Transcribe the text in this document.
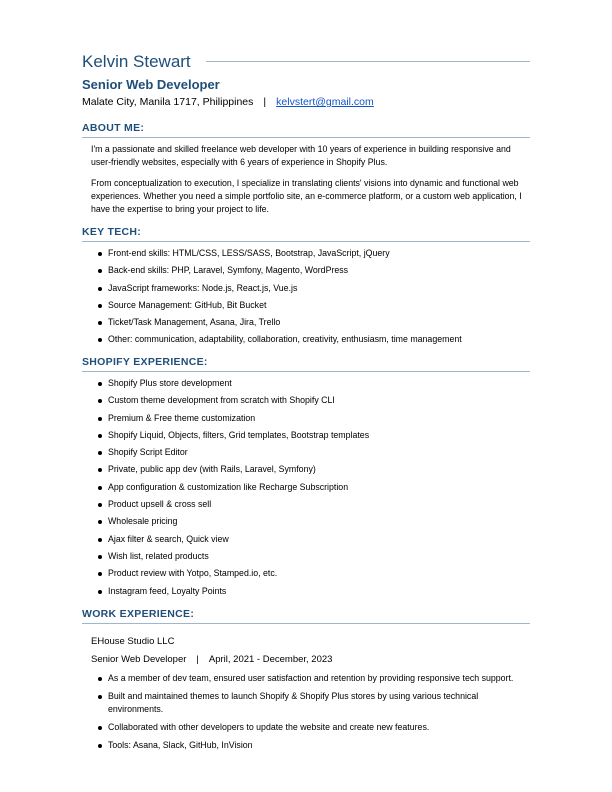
Kelvin Stewart
Senior Web Developer
Malate City, Manila 1717, Philippines | kelvstert@gmail.com
ABOUT ME:
I'm a passionate and skilled freelance web developer with 10 years of experience in building responsive and user-friendly websites, especially with 6 years of experience in Shopify Plus.
From conceptualization to execution, I specialize in translating clients' visions into dynamic and functional web experiences. Whether you need a simple portfolio site, an e-commerce platform, or a custom web application, I have the expertise to bring your project to life.
KEY TECH:
Front-end skills: HTML/CSS, LESS/SASS, Bootstrap, JavaScript, jQuery
Back-end skills: PHP, Laravel, Symfony, Magento, WordPress
JavaScript frameworks: Node.js, React.js, Vue.js
Source Management: GitHub, Bit Bucket
Ticket/Task Management, Asana, Jira, Trello
Other: communication, adaptability, collaboration, creativity, enthusiasm, time management
SHOPIFY EXPERIENCE:
Shopify Plus store development
Custom theme development from scratch with Shopify CLI
Premium & Free theme customization
Shopify Liquid, Objects, filters, Grid templates, Bootstrap templates
Shopify Script Editor
Private, public app dev (with Rails, Laravel, Symfony)
App configuration & customization like Recharge Subscription
Product upsell & cross sell
Wholesale pricing
Ajax filter & search, Quick view
Wish list, related products
Product review with Yotpo, Stamped.io, etc.
Instagram feed, Loyalty Points
WORK EXPERIENCE:
EHouse Studio LLC
Senior Web Developer | April, 2021 - December, 2023
As a member of dev team, ensured user satisfaction and retention by providing responsive tech support.
Built and maintained themes to launch Shopify & Shopify Plus stores by using various technical environments.
Collaborated with other developers to update the website and create new features.
Tools: Asana, Slack, GitHub, InVision
